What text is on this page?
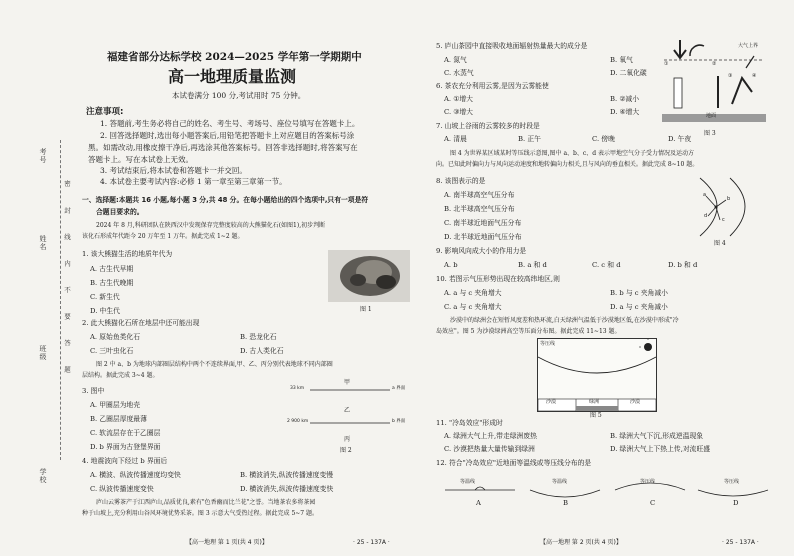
考号
姓名
班级
学校
密 封 线 内 不 要 答 题
福建省部分达标学校 2024—2025 学年第一学期期中
高一地理质量监测
本试卷满分 100 分,考试用时 75 分钟。
注意事项:
1. 答题前,考生务必将自己的姓名、考生号、考场号、座位号填写在答题卡上。
2. 回答选择题时,选出每小题答案后,用铅笔把答题卡上对应题目的答案标号涂
黑。如需改动,用橡皮擦干净后,再选涂其他答案标号。回答非选择题时,将答案写在
答题卡上。写在本试卷上无效。
3. 考试结束后,将本试卷和答题卡一并交回。
4. 本试卷主要考试内容:必修 1 第一章至第三章第一节。
一、选择题:本题共 16 小题,每小题 3 分,共 48 分。在每小题给出的四个选项中,只有一项是符
合题目要求的。
2024 年 8 月,科研团队在陕西汉中发现保存完整度较高的大熊猫化石(如图1),初步判断
该化石形成年代距今 20 万年至 1 万年。据此完成 1~2 题。
1. 该大熊猫生活的地质年代为
A. 古生代早期
B. 古生代晚期
C. 新生代
D. 中生代	图 1
2. 此大熊猫化石所在地层中还可能出现
A. 原始鱼类化石	B. 恐龙化石
C. 三叶虫化石	D. 古人类化石
图 2 中 a、b 为地球内部圈层结构中两个不连续界面,甲、乙、丙分别代表地球不同内部圈
层结构。据此完成 3~4 题。
3. 图中
A. 甲圈层为地壳
B. 乙圈层厚度最薄
C. 软流层存在于乙圈层
D. b 界面为古登堡界面
甲
33 km	a 界面
乙
2 900 km	b 界面
丙
图 2
4. 地震波向下经过 b 界面后
A. 横波、纵波传播速度均变快	B. 横波消失,纵波传播速度变慢
C. 纵波传播速度变快	D. 横波消失,纵波传播速度变快
庐山云雾茶产于江西庐山,品质优良,素有"色香幽而比兰花"之誉。当地茶农多将茶园
种于山坡上,充分利用山谷风环境优势采茶。图 3 示意大气受热过程。据此完成 5~7 题。
【高一地理 第 1 页(共 4 页)】	· 25 - 137A ·
5. 庐山茶园中直接吸收地面辐射热量最大的成分是
A. 氮气	B. 氧气
C. 水蒸气	D. 二氧化碳
6. 茶农充分利用云雾,是因为云雾能使
A. ①增大	B. ②减小
C. ③增大	D. ④增大
大气上界
①	②
③	④
地面
图 3
7. 山坡上谷雨的云雾较多的时段是
A. 清晨	B. 正午	C. 傍晚	D. 午夜
图 4 为世界某区域某时等压线示意图,图中 a、b、c、d 表示甲地空气分子受力情况及运动方
向。已知此时偏向力与风向运动速度和地转偏向力相关,且与风向的垂直相关。据此完成 8~10 题。
8. 该图表示的是
A. 南半球高空气压分布
B. 北半球高空气压分布
C. 南半球近地面气压分布
D. 北半球近地面气压分布
a
b
c
d
图 4
9. 影响风向成大小的作用力是
A. b	B. a 和 d	C. c 和 d	D. b 和 d
10. 若图示气压形势出现在较高纬地区,则
A. a 与 c 夹角增大	B. b 与 c 夹角减小
C. a 与 c 夹角增大	D. a 与 c 夹角减小
沙漠中的绿洲会在短暂风度差和热环流,白天绿洲气温低于沙漠地区低,在沙漠中形成"冷
岛效应"。图 5 为沙漠绿洲高空等压面分布图。据此完成 11~13 题。
等压线
沙漠	绿洲	沙漠
图 5
11. "冷岛效应"形成时
A. 绿洲大气上升,带走绿洲废热	B. 绿洲大气下沉,形成逆温现象
C. 沙漠把热量大量传输到绿洲	D. 绿洲大气上下热上传,对流旺盛
12. 符合"冷岛效应"近地面等温线或等压线分布的是
等温线	等温线	等压线	等压线
A	B	C	D
【高一地理 第 2 页(共 4 页)】	· 25 - 137A ·
